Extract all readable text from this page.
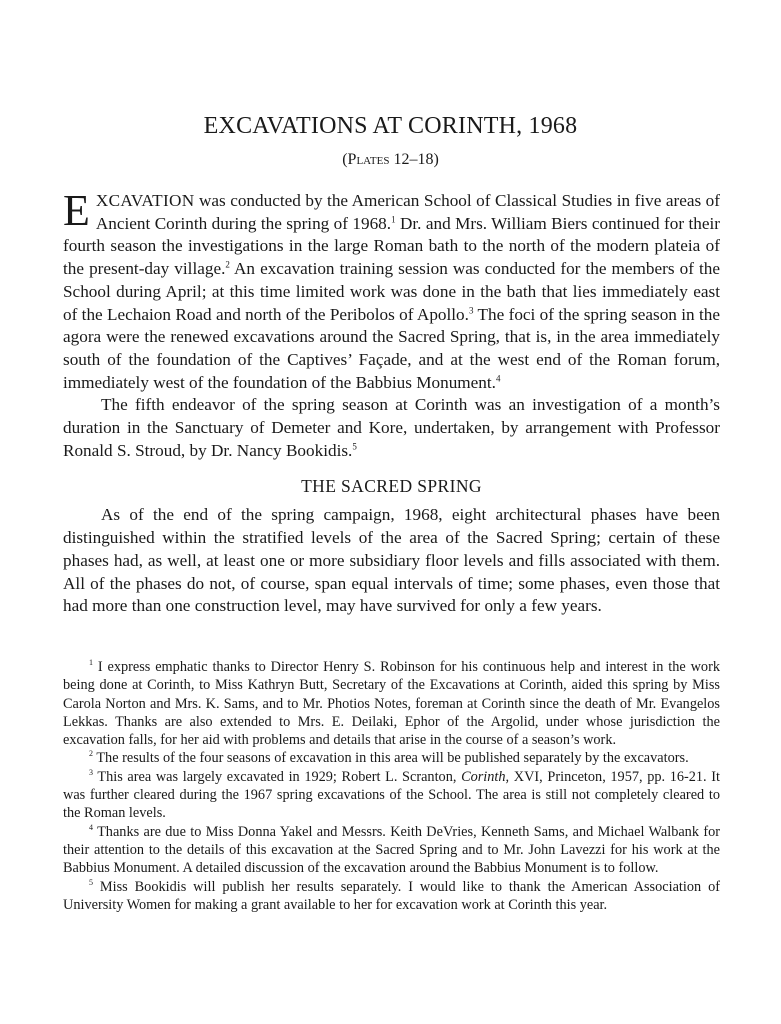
EXCAVATIONS AT CORINTH, 1968
(Plates 12–18)

EXCAVATION was conducted by the American School of Classical Studies in five areas of Ancient Corinth during the spring of 1968.$^1$ Dr. and Mrs. William Biers continued for their fourth season the investigations in the large Roman bath to the north of the modern plateia of the present-day village.$^2$ An excavation training session was conducted for the members of the School during April; at this time limited work was done in the bath that lies immediately east of the Lechaion Road and north of the Peribolos of Apollo.$^3$ The foci of the spring season in the agora were the renewed excavations around the Sacred Spring, that is, in the area immediately south of the foundation of the Captives’ Façade, and at the west end of the Roman forum, immediately west of the foundation of the Babbius Monument.$^4$

The fifth endeavor of the spring season at Corinth was an investigation of a month’s duration in the Sanctuary of Demeter and Kore, undertaken, by arrangement with Professor Ronald S. Stroud, by Dr. Nancy Bookidis.$^5$

THE SACRED SPRING

As of the end of the spring campaign, 1968, eight architectural phases have been distinguished within the stratified levels of the area of the Sacred Spring; certain of these phases had, as well, at least one or more subsidiary floor levels and fills associated with them. All of the phases do not, of course, span equal intervals of time; some phases, even those that had more than one construction level, may have survived for only a few years.

$^1$ I express emphatic thanks to Director Henry S. Robinson for his continuous help and interest in the work being done at Corinth, to Miss Kathryn Butt, Secretary of the Excavations at Corinth, aided this spring by Miss Carola Norton and Mrs. K. Sams, and to Mr. Photios Notes, foreman at Corinth since the death of Mr. Evangelos Lekkas. Thanks are also extended to Mrs. E. Deilaki, Ephor of the Argolid, under whose jurisdiction the excavation falls, for her aid with problems and details that arise in the course of a season’s work.

$^2$ The results of the four seasons of excavation in this area will be published separately by the excavators.

$^3$ This area was largely excavated in 1929; Robert L. Scranton, Corinth, XVI, Princeton, 1957, pp. 16-21. It was further cleared during the 1967 spring excavations of the School. The area is still not completely cleared to the Roman levels.

$^4$ Thanks are due to Miss Donna Yakel and Messrs. Keith DeVries, Kenneth Sams, and Michael Walbank for their attention to the details of this excavation at the Sacred Spring and to Mr. John Lavezzi for his work at the Babbius Monument. A detailed discussion of the excavation around the Babbius Monument is to follow.

$^5$ Miss Bookidis will publish her results separately. I would like to thank the American Association of University Women for making a grant available to her for excavation work at Corinth this year.
